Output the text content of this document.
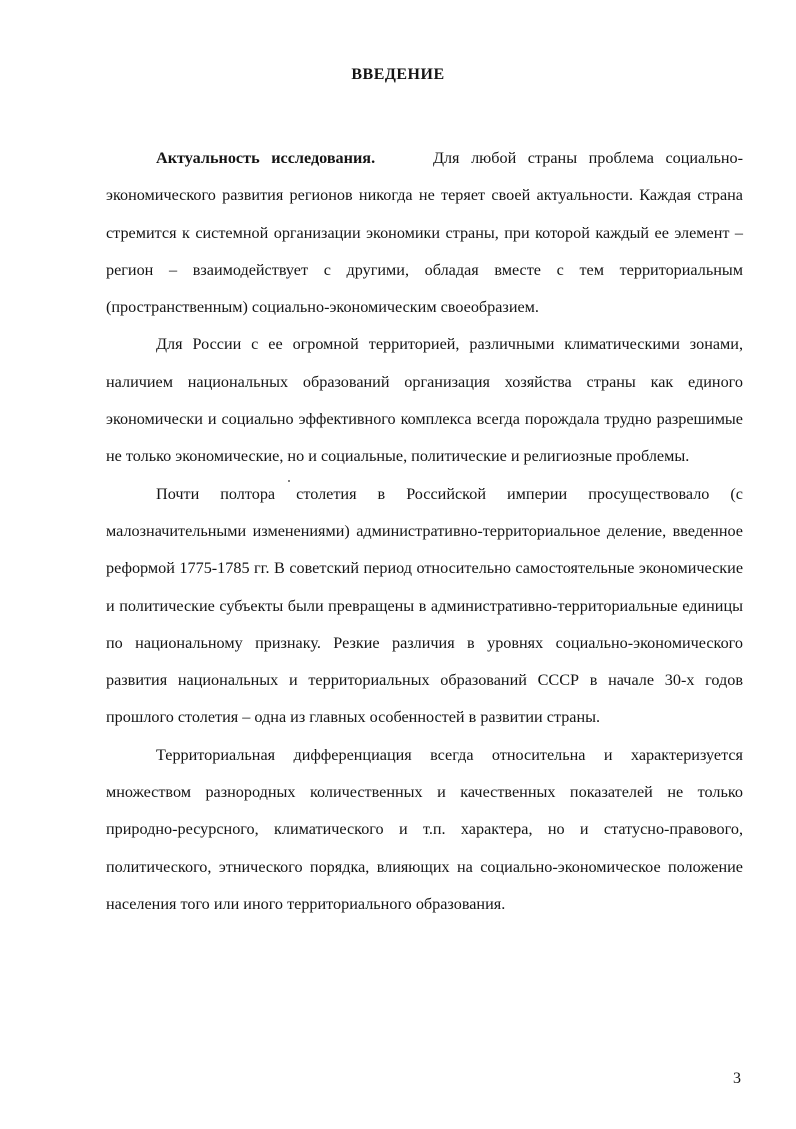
ВВЕДЕНИЕ

Актуальность исследования.	Для любой страны проблема социально-экономического развития регионов никогда не теряет своей актуальности. Каждая страна стремится к системной организации экономики страны, при которой каждый ее элемент – регион – взаимодействует с другими, обладая вместе с тем территориальным (пространственным) социально-экономическим своеобразием.

Для России с ее огромной территорией, различными климатическими зонами, наличием национальных образований организация хозяйства страны как единого экономически и социально эффективного комплекса всегда порождала трудно разрешимые не только экономические, но и социальные, политические и религиозные проблемы.

Почти полтора столетия в Российской империи просуществовало (с малозначительными изменениями) административно-территориальное деление, введенное реформой 1775-1785 гг. В советский период относительно самостоятельные экономические и политические субъекты были превращены в административно-территориальные единицы по национальному признаку. Резкие различия в уровнях социально-экономического развития национальных и территориальных образований СССР в начале 30-х годов прошлого столетия – одна из главных особенностей в развитии страны.

Территориальная дифференциация всегда относительна и характеризуется множеством разнородных количественных и качественных показателей не только природно-ресурсного, климатического и т.п. характера, но и статусно-правового, политического, этнического порядка, влияющих на социально-экономическое положение населения того или иного территориального образования.

3
